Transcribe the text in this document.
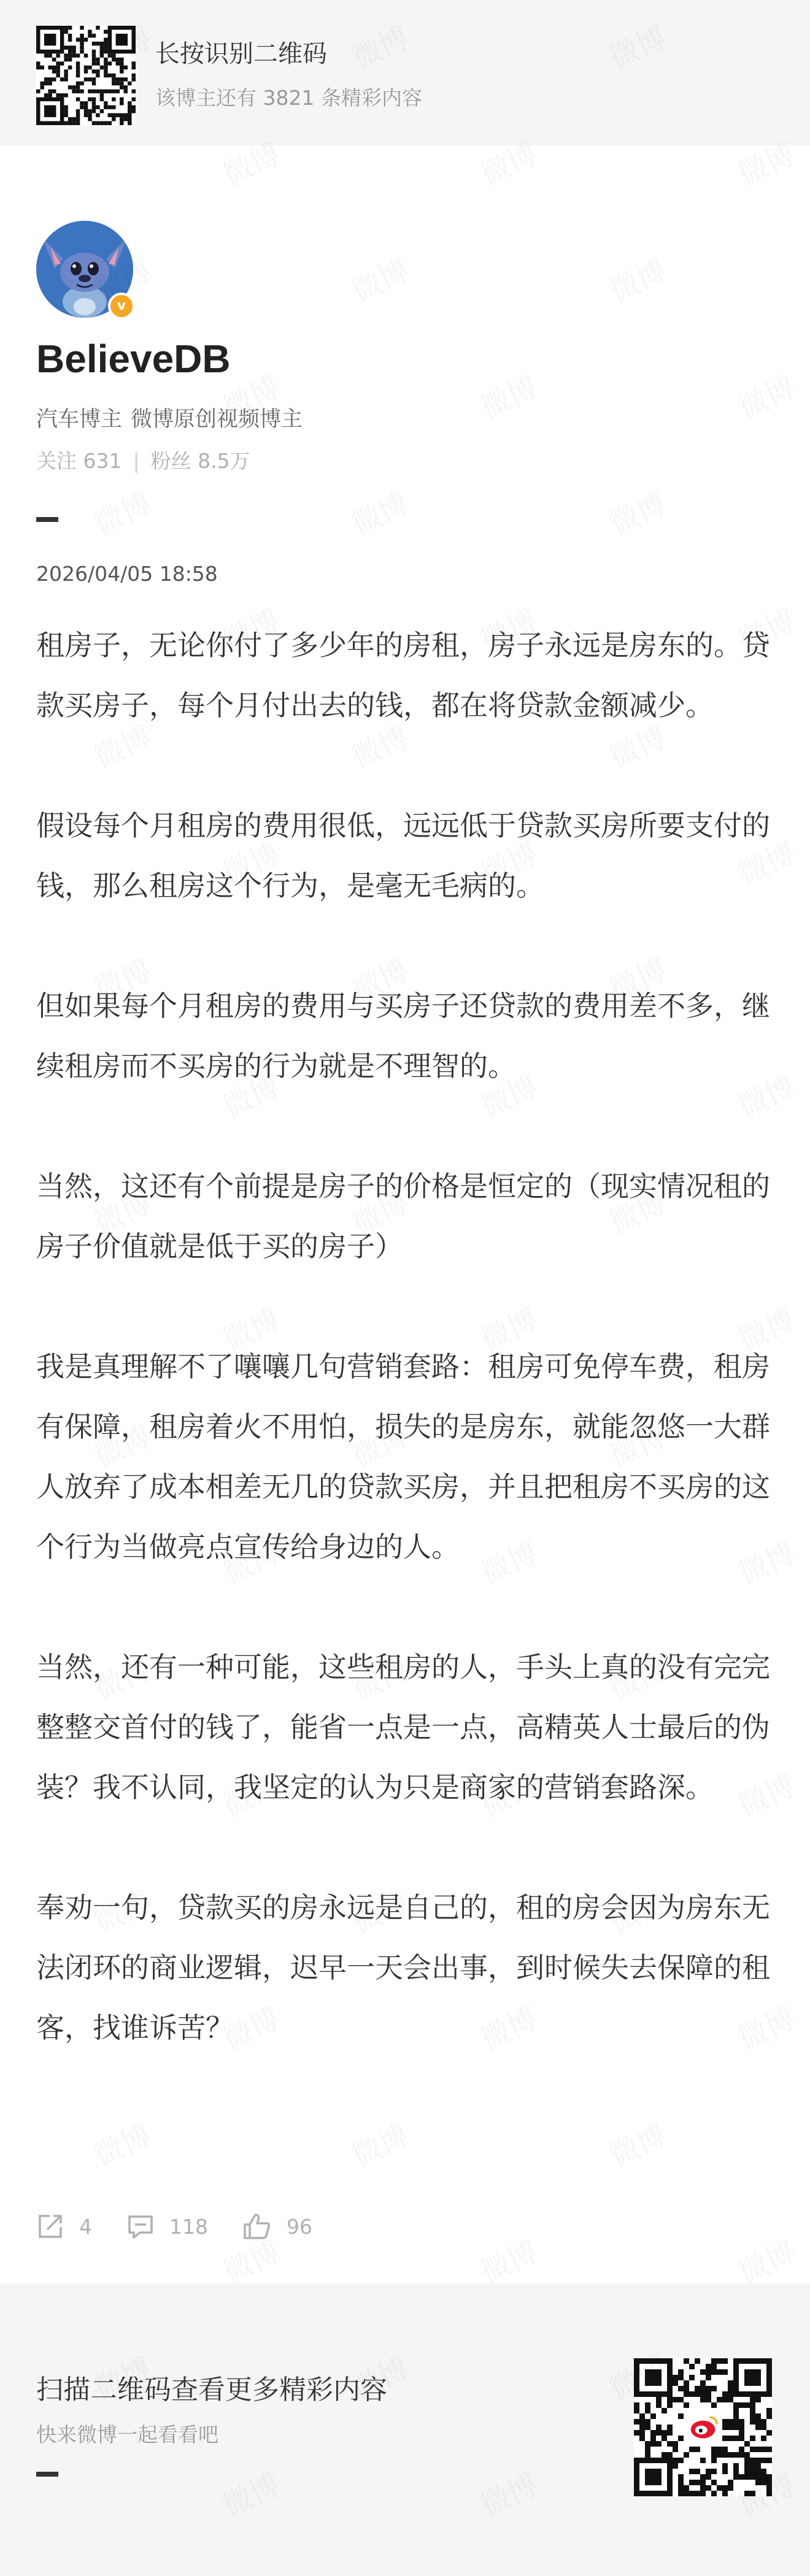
长按识别二维码
该博主还有 3821 条精彩内容
v
BelieveDB
汽车博主 微博原创视频博主
关注 631 | 粉丝 8.5万
2026/04/05 18:58

租房子，无论你付了多少年的房租，房子永远是房东的。贷款买房子，每个月付出去的钱，都在将贷款金额减少。

假设每个月租房的费用很低，远远低于贷款买房所要支付的钱，那么租房这个行为，是毫无毛病的。

但如果每个月租房的费用与买房子还贷款的费用差不多，继续租房而不买房的行为就是不理智的。

当然，这还有个前提是房子的价格是恒定的（现实情况租的房子价值就是低于买的房子）

我是真理解不了嚷嚷几句营销套路：租房可免停车费，租房有保障，租房着火不用怕，损失的是房东，就能忽悠一大群人放弃了成本相差无几的贷款买房，并且把租房不买房的这个行为当做亮点宣传给身边的人。

当然，还有一种可能，这些租房的人，手头上真的没有完完整整交首付的钱了，能省一点是一点，高精英人士最后的伪装？我不认同，我坚定的认为只是商家的营销套路深。

奉劝一句，贷款买的房永远是自己的，租的房会因为房东无法闭环的商业逻辑，迟早一天会出事，到时候失去保障的租客，找谁诉苦？

4	118	96
扫描二维码查看更多精彩内容
快来微博一起看看吧
